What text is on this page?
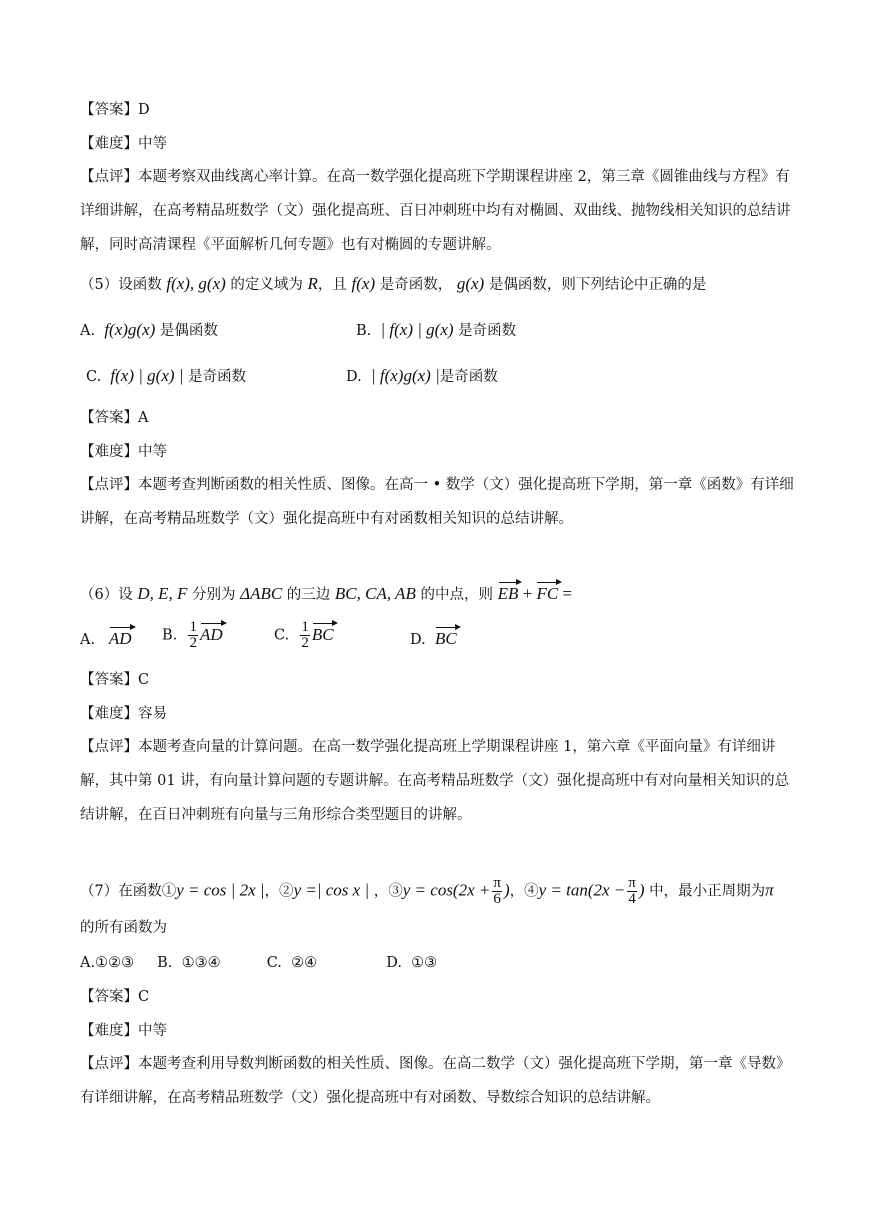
【答案】D
【难度】中等
【点评】本题考察双曲线离心率计算。在高一数学强化提高班下学期课程讲座 2，第三章《圆锥曲线与方程》有详细讲解，在高考精品班数学（文）强化提高班、百日冲刺班中均有对椭圆、双曲线、抛物线相关知识的总结讲解，同时高清课程《平面解析几何专题》也有对椭圆的专题讲解。
（5）设函数 f(x), g(x) 的定义域为 R，且 f(x) 是奇函数， g(x) 是偶函数，则下列结论中正确的是
A. f(x)g(x) 是偶函数	B. | f(x) | g(x) 是奇函数
C. f(x) | g(x) | 是奇函数	D. | f(x)g(x) |是奇函数
【答案】A
【难度】中等
【点评】本题考查判断函数的相关性质、图像。在高一 • 数学（文）强化提高班下学期，第一章《函数》有详细讲解，在高考精品班数学（文）强化提高班中有对函数相关知识的总结讲解。
（6）设 D, E, F 分别为 ΔABC 的三边 BC, CA, AB 的中点，则 EB + FC =
A. AD B. $\frac{1}{2}$ AD	C. $\frac{1}{2}$ BC	D. BC
【答案】C
【难度】容易
【点评】本题考查向量的计算问题。在高一数学强化提高班上学期课程讲座 1，第六章《平面向量》有详细讲解，其中第 01 讲，有向量计算问题的专题讲解。在高考精品班数学（文）强化提高班中有对向量相关知识的总结讲解，在百日冲刺班有向量与三角形综合类型题目的讲解。
（7）在函数①y = cos | 2x |，②y =| cos x | ，③y = $\cos(2x + \frac{\pi}{6}$ )，④y = $\tan(2x - \frac{\pi}{4}$ ) 中，最小正周期为π
的所有函数为
A.①②③     B.  ①③④          C.  ②④               D.  ①③
【答案】C
【难度】中等
【点评】本题考查利用导数判断函数的相关性质、图像。在高二数学（文）强化提高班下学期，第一章《导数》有详细讲解，在高考精品班数学（文）强化提高班中有对函数、导数综合知识的总结讲解。
